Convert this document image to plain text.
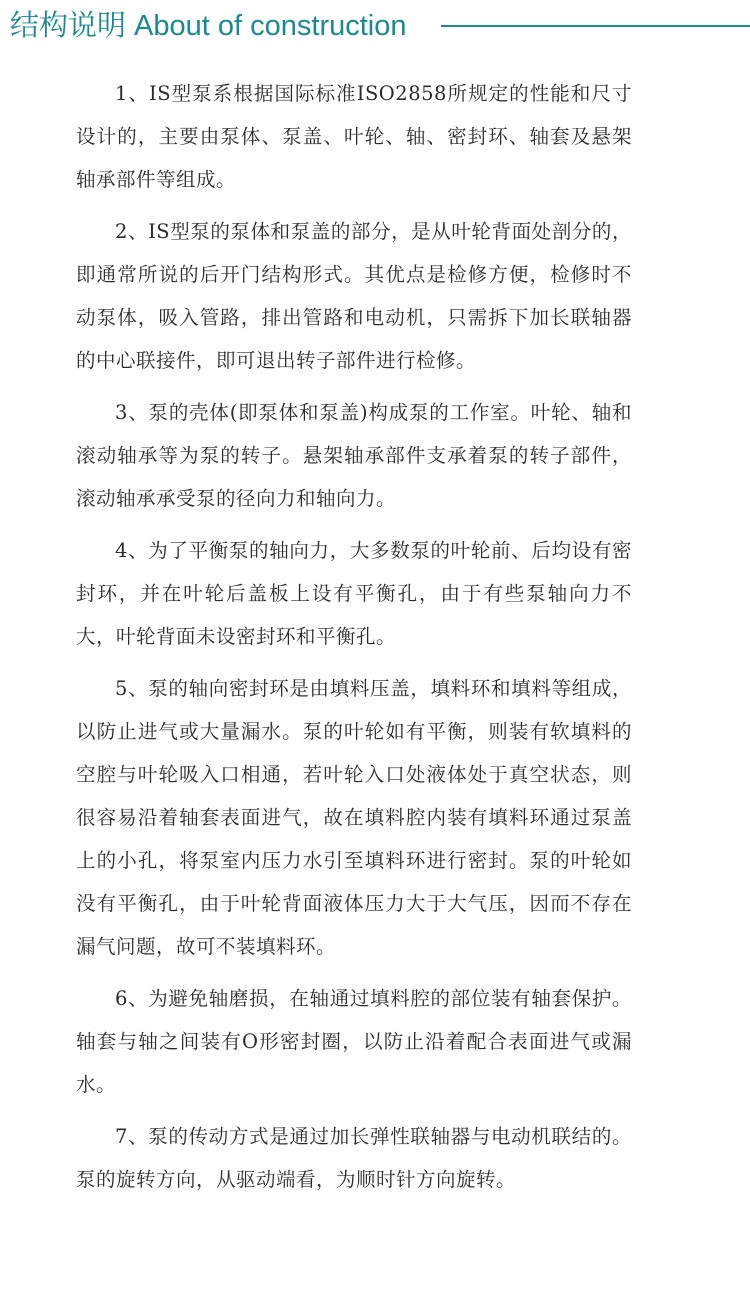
结构说明 About of construction

1、IS型泵系根据国际标准ISO2858所规定的性能和尺寸设计的，主要由泵体、泵盖、叶轮、轴、密封环、轴套及悬架轴承部件等组成。

2、IS型泵的泵体和泵盖的部分，是从叶轮背面处剖分的，即通常所说的后开门结构形式。其优点是检修方便，检修时不动泵体，吸入管路，排出管路和电动机，只需拆下加长联轴器的中心联接件，即可退出转子部件进行检修。

3、泵的壳体(即泵体和泵盖)构成泵的工作室。叶轮、轴和滚动轴承等为泵的转子。悬架轴承部件支承着泵的转子部件，滚动轴承承受泵的径向力和轴向力。

4、为了平衡泵的轴向力，大多数泵的叶轮前、后均设有密封环，并在叶轮后盖板上设有平衡孔，由于有些泵轴向力不大，叶轮背面未设密封环和平衡孔。

5、泵的轴向密封环是由填料压盖，填料环和填料等组成，以防止进气或大量漏水。泵的叶轮如有平衡，则装有软填料的空腔与叶轮吸入口相通，若叶轮入口处液体处于真空状态，则很容易沿着轴套表面进气，故在填料腔内装有填料环通过泵盖上的小孔，将泵室内压力水引至填料环进行密封。泵的叶轮如没有平衡孔，由于叶轮背面液体压力大于大气压，因而不存在漏气问题，故可不装填料环。

6、为避免轴磨损，在轴通过填料腔的部位装有轴套保护。轴套与轴之间装有O形密封圈，以防止沿着配合表面进气或漏水。

7、泵的传动方式是通过加长弹性联轴器与电动机联结的。泵的旋转方向，从驱动端看，为顺时针方向旋转。
